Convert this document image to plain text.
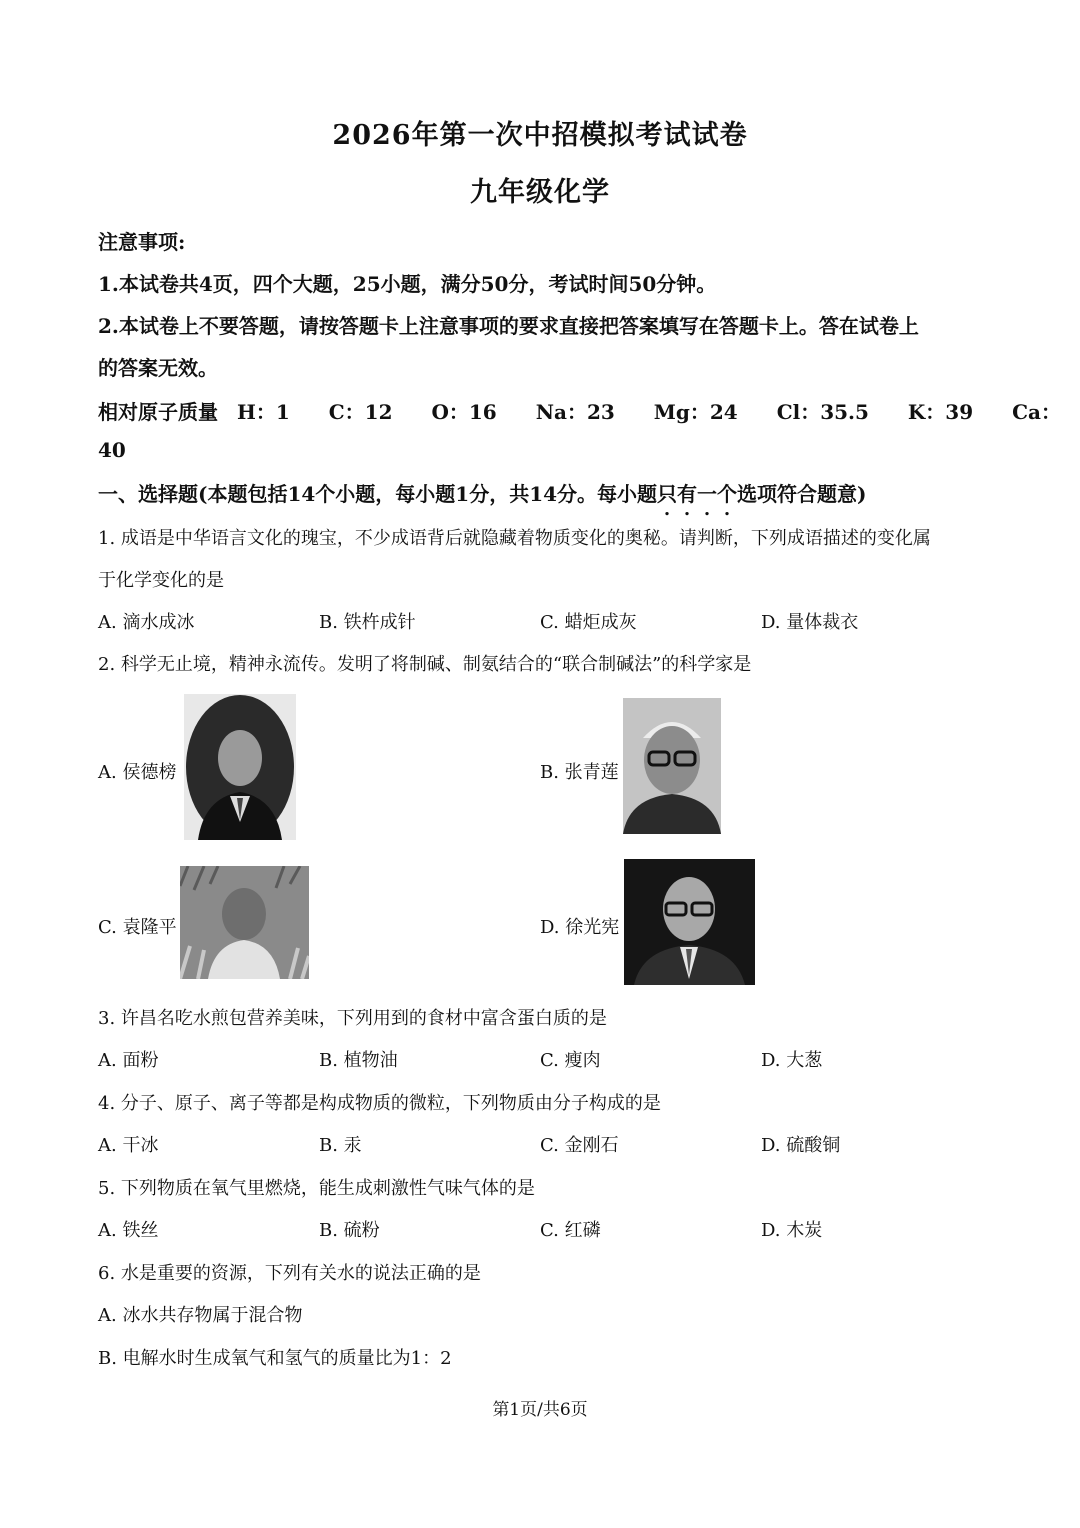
2026年第一次中招模拟考试试卷
九年级化学
注意事项:
1.本试卷共4页，四个大题，25小题，满分50分，考试时间50分钟。
2.本试卷上不要答题，请按答题卡上注意事项的要求直接把答案填写在答题卡上。答在试卷上
的答案无效。
相对原子质量 H：1 C：12 O：16 Na：23 Mg：24 Cl：35.5 K：39 Ca：
40
一、选择题(本题包括14个小题，每小题1分，共14分。每小题只有一个选项符合题意)
1. 成语是中华语言文化的瑰宝，不少成语背后就隐藏着物质变化的奥秘。请判断，下列成语描述的变化属
于化学变化的是
A. 滴水成冰	B. 铁杵成针	C. 蜡炬成灰	D. 量体裁衣
2. 科学无止境，精神永流传。发明了将制碱、制氨结合的“联合制碱法”的科学家是
A. 侯德榜	B. 张青莲
C. 袁隆平	D. 徐光宪
3. 许昌名吃水煎包营养美味，下列用到的食材中富含蛋白质的是
A. 面粉	B. 植物油	C. 瘦肉	D. 大葱
4. 分子、原子、离子等都是构成物质的微粒，下列物质由分子构成的是
A. 干冰	B. 汞	C. 金刚石	D. 硫酸铜
5. 下列物质在氧气里燃烧，能生成刺激性气味气体的是
A. 铁丝	B. 硫粉	C. 红磷	D. 木炭
6. 水是重要的资源，下列有关水的说法正确的是
A. 冰水共存物属于混合物
B. 电解水时生成氧气和氢气的质量比为1：2
第1页/共6页
